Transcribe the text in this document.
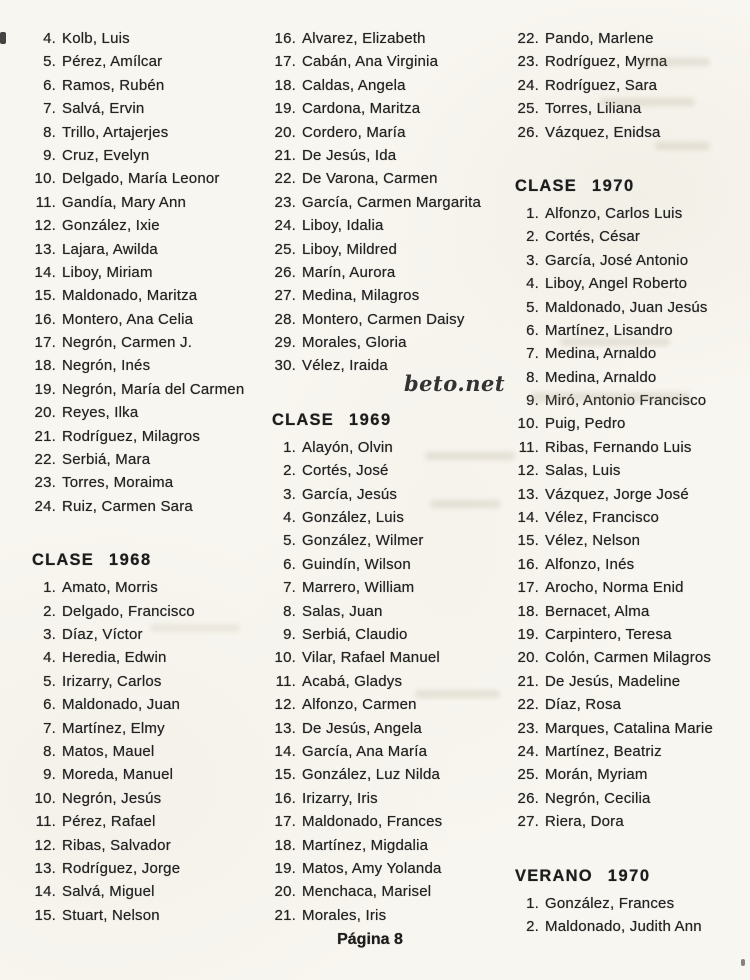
4. Kolb, Luis
5. Pérez, Amílcar
6. Ramos, Rubén
7. Salvá, Ervin
8. Trillo, Artajerjes
9. Cruz, Evelyn
10. Delgado, María Leonor
11. Gandía, Mary Ann
12. González, Ixie
13. Lajara, Awilda
14. Liboy, Miriam
15. Maldonado, Maritza
16. Montero, Ana Celia
17. Negrón, Carmen J.
18. Negrón, Inés
19. Negrón, María del Carmen
20. Reyes, Ilka
21. Rodríguez, Milagros
22. Serbiá, Mara
23. Torres, Moraima
24. Ruiz, Carmen Sara
CLASE 1968
1. Amato, Morris
2. Delgado, Francisco
3. Díaz, Víctor
4. Heredia, Edwin
5. Irizarry, Carlos
6. Maldonado, Juan
7. Martínez, Elmy
8. Matos, Mauel
9. Moreda, Manuel
10. Negrón, Jesús
11. Pérez, Rafael
12. Ribas, Salvador
13. Rodríguez, Jorge
14. Salvá, Miguel
15. Stuart, Nelson
16. Alvarez, Elizabeth
17. Cabán, Ana Virginia
18. Caldas, Angela
19. Cardona, Maritza
20. Cordero, María
21. De Jesús, Ida
22. De Varona, Carmen
23. García, Carmen Margarita
24. Liboy, Idalia
25. Liboy, Mildred
26. Marín, Aurora
27. Medina, Milagros
28. Montero, Carmen Daisy
29. Morales, Gloria
30. Vélez, Iraida
CLASE 1969
1. Alayón, Olvin
2. Cortés, José
3. García, Jesús
4. González, Luis
5. González, Wilmer
6. Guindín, Wilson
7. Marrero, William
8. Salas, Juan
9. Serbiá, Claudio
10. Vilar, Rafael Manuel
11. Acabá, Gladys
12. Alfonzo, Carmen
13. De Jesús, Angela
14. García, Ana María
15. González, Luz Nilda
16. Irizarry, Iris
17. Maldonado, Frances
18. Martínez, Migdalia
19. Matos, Amy Yolanda
20. Menchaca, Marisel
21. Morales, Iris
22. Pando, Marlene
23. Rodríguez, Myrna
24. Rodríguez, Sara
25. Torres, Liliana
26. Vázquez, Enidsa
CLASE 1970
1. Alfonzo, Carlos Luis
2. Cortés, César
3. García, José Antonio
4. Liboy, Angel Roberto
5. Maldonado, Juan Jesús
6. Martínez, Lisandro
7. Medina, Arnaldo
8. Medina, Arnaldo
9. Miró, Antonio Francisco
10. Puig, Pedro
11. Ribas, Fernando Luis
12. Salas, Luis
13. Vázquez, Jorge José
14. Vélez, Francisco
15. Vélez, Nelson
16. Alfonzo, Inés
17. Arocho, Norma Enid
18. Bernacet, Alma
19. Carpintero, Teresa
20. Colón, Carmen Milagros
21. De Jesús, Madeline
22. Díaz, Rosa
23. Marques, Catalina Marie
24. Martínez, Beatriz
25. Morán, Myriam
26. Negrón, Cecilia
27. Riera, Dora
VERANO 1970
1. González, Frances
2. Maldonado, Judith Ann
beto.net
Página 8
